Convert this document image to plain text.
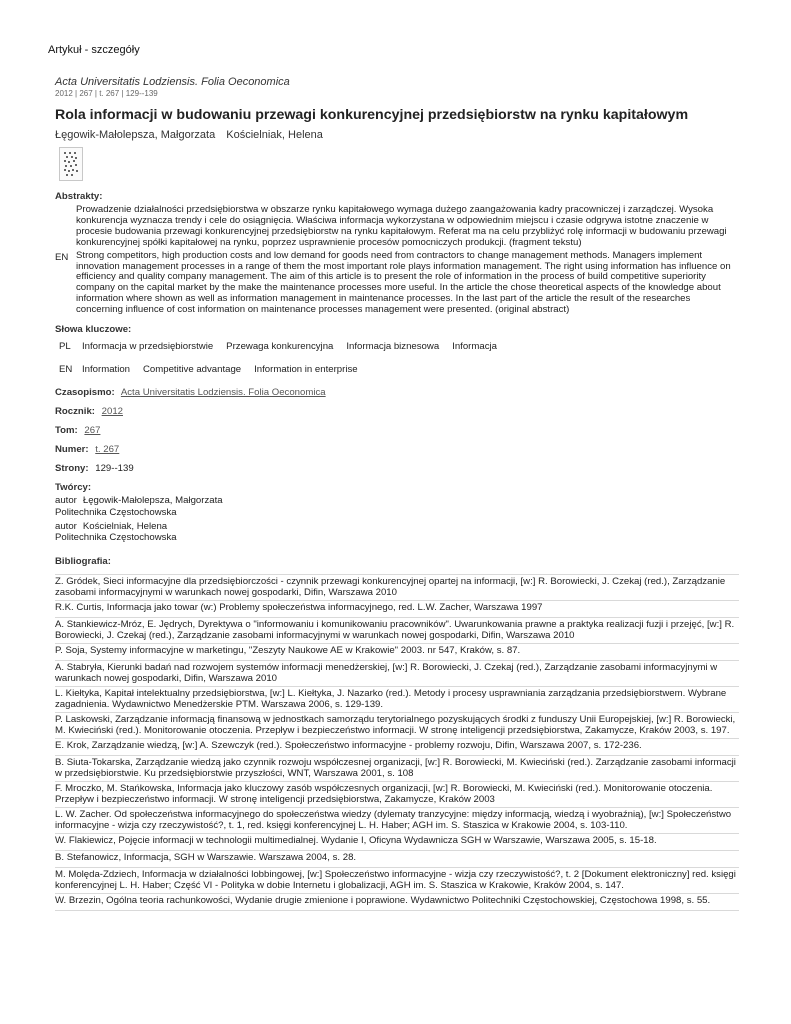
Artykuł - szczegóły
Acta Universitatis Lodziensis. Folia Oeconomica
2012 | 267 | t. 267 | 129--139
Rola informacji w budowaniu przewagi konkurencyjnej przedsiębiorstw na rynku kapitałowym
Łęgowik-Małolepsza, Małgorzata Kościelniak, Helena
Abstrakty:
Prowadzenie działalności przedsiębiorstwa w obszarze rynku kapitałowego wymaga dużego zaangażowania kadry pracowniczej i zarządczej. Wysoka konkurencja wyznacza trendy i cele do osiągnięcia. Właściwa informacja wykorzystana w odpowiednim miejscu i czasie odgrywa istotne znaczenie w procesie budowania przewagi konkurencyjnej przedsiębiorstw na rynku kapitałowym. Referat ma na celu przybliżyć rolę informacji w budowaniu przewagi konkurencyjnej spółki kapitałowej na rynku, poprzez usprawnienie procesów pomocniczych produkcji. (fragment tekstu)
EN Strong competitors, high production costs and low demand for goods need from contractors to change management methods. Managers implement innovation management processes in a range of them the most important role plays information management. The right using information has influence on efficiency and quality company management. The aim of this article is to present the role of information in the process of build competitive superiority company on the capital market by the make the maintenance processes more useful. In the article the chose theoretical aspects of the knowledge about information where shown as well as information management in maintenance processes. In the last part of the article the result of the researches concerning influence of cost information on maintenance processes management were presented. (original abstract)
Słowa kluczowe:
PL	Informacja w przedsiębiorstwie Przewaga konkurencyjna Informacja biznesowa Informacja
EN	Information Competitive advantage Information in enterprise
Czasopismo: Acta Universitatis Lodziensis. Folia Oeconomica
Rocznik: 2012
Tom: 267
Numer: t. 267
Strony: 129--139
Twórcy:
autor Łęgowik-Małolepsza, Małgorzata
Politechnika Częstochowska
autor Kościelniak, Helena
Politechnika Częstochowska
Bibliografia:
Z. Gródek, Sieci informacyjne dla przedsiębiorczości - czynnik przewagi konkurencyjnej opartej na informacji, [w:] R. Borowiecki, J. Czekaj (red.), Zarządzanie zasobami informacyjnymi w warunkach nowej gospodarki, Difin, Warszawa 2010
R.K. Curtis, Informacja jako towar (w:) Problemy społeczeństwa informacyjnego, red. L.W. Zacher, Warszawa 1997
A. Stankiewicz-Mróz, E. Jędrych, Dyrektywa o "informowaniu i komunikowaniu pracowników". Uwarunkowania prawne a praktyka realizacji fuzji i przejęć, [w:] R. Borowiecki, J. Czekaj (red.), Zarządzanie zasobami informacyjnymi w warunkach nowej gospodarki, Difin, Warszawa 2010
P. Soja, Systemy informacyjne w marketingu, "Zeszyty Naukowe AE w Krakowie" 2003. nr 547, Kraków, s. 87.
A. Stabryła, Kierunki badań nad rozwojem systemów informacji menedżerskiej, [w:] R. Borowiecki, J. Czekaj (red.), Zarządzanie zasobami informacyjnymi w warunkach nowej gospodarki, Difin, Warszawa 2010
L. Kiełtyka, Kapitał intelektualny przedsiębiorstwa, [w:] L. Kiełtyka, J. Nazarko (red.). Metody i procesy usprawniania zarządzania przedsiębiorstwem. Wybrane zagadnienia. Wydawnictwo Menedżerskie PTM. Warszawa 2006, s. 129-139.
P. Laskowski, Zarządzanie informacją finansową w jednostkach samorządu terytorialnego pozyskujących środki z funduszy Unii Europejskiej, [w:] R. Borowiecki, M. Kwieciński (red.). Monitorowanie otoczenia. Przepływ i bezpieczeństwo informacji. W stronę inteligencji przedsiębiorstwa, Zakamycze, Kraków 2003, s. 197.
E. Krok, Zarządzanie wiedzą, [w:] A. Szewczyk (red.). Społeczeństwo informacyjne - problemy rozwoju, Difin, Warszawa 2007, s. 172-236.
B. Siuta-Tokarska, Zarządzanie wiedzą jako czynnik rozwoju współczesnej organizacji, [w:] R. Borowiecki, M. Kwieciński (red.). Zarządzanie zasobami informacji w przedsiębiorstwie. Ku przedsiębiorstwie przyszłości, WNT, Warszawa 2001, s. 108
F. Mroczko, M. Stańkowska, Informacja jako kluczowy zasób współczesnych organizacji, [w:] R. Borowiecki, M. Kwieciński (red.). Monitorowanie otoczenia. Przepływ i bezpieczeństwo informacji. W stronę inteligencji przedsiębiorstwa, Zakamycze, Kraków 2003
L. W. Zacher. Od społeczeństwa informacyjnego do społeczeństwa wiedzy (dylematy tranzycyjne: między informacją, wiedzą i wyobraźnią), [w:] Społeczeństwo informacyjne - wizja czy rzeczywistość?, t. 1, red. księgi konferencyjnej L. H. Haber; AGH im. S. Staszica w Krakowie 2004, s. 103-110.
W. Flakiewicz, Pojęcie informacji w technologii multimedialnej. Wydanie I, Oficyna Wydawnicza SGH w Warszawie, Warszawa 2005, s. 15-18.
B. Stefanowicz, Informacja, SGH w Warszawie. Warszawa 2004, s. 28.
M. Molęda-Zdziech, Informacja w działalności lobbingowej, [w:] Społeczeństwo informacyjne - wizja czy rzeczywistość?, t. 2 [Dokument elektroniczny] red. księgi konferencyjnej L. H. Haber; Część VI - Polityka w dobie Internetu i globalizacji, AGH im. S. Staszica w Krakowie, Kraków 2004, s. 147.
W. Brzezin, Ogólna teoria rachunkowości, Wydanie drugie zmienione i poprawione. Wydawnictwo Politechniki Częstochowskiej, Częstochowa 1998, s. 55.
